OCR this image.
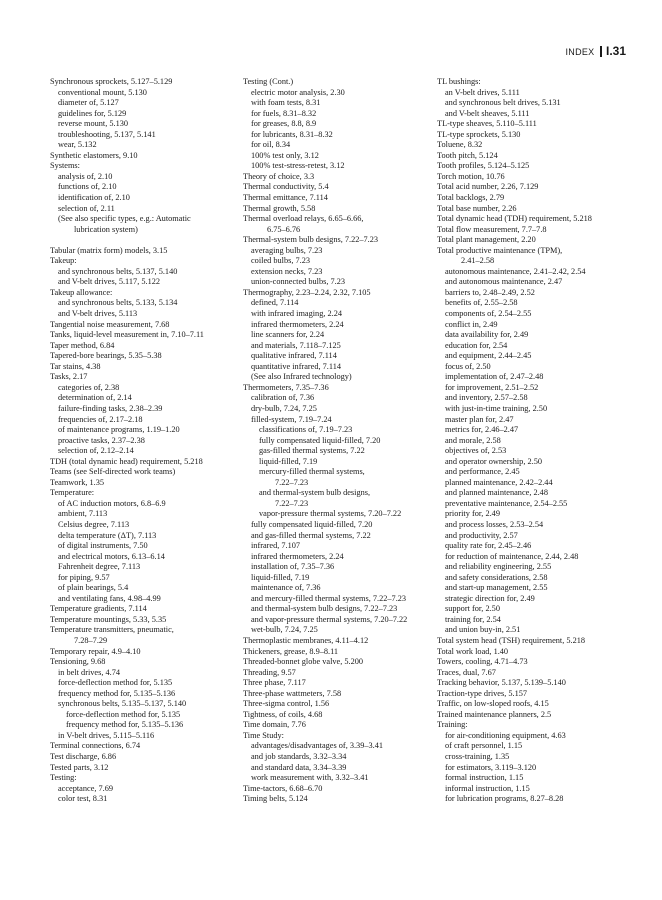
INDEX I.31
Synchronous sprockets, 5.127–5.129
conventional mount, 5.130
diameter of, 5.127
guidelines for, 5.129
reverse mount, 5.130
troubleshooting, 5.137, 5.141
wear, 5.132
Synthetic elastomers, 9.10
Systems:
analysis of, 2.10
functions of, 2.10
identification of, 2.10
selection of, 2.11
(See also specific types, e.g.: Automatic
lubrication system)
Tabular (matrix form) models, 3.15
Takeup:
and synchronous belts, 5.137, 5.140
and V-belt drives, 5.117, 5.122
Takeup allowance:
and synchronous belts, 5.133, 5.134
and V-belt drives, 5.113
Tangential noise measurement, 7.68
Tanks, liquid-level measurement in, 7.10–7.11
Taper method, 6.84
Tapered-bore bearings, 5.35–5.38
Tar stains, 4.38
Tasks, 2.17
categories of, 2.38
determination of, 2.14
failure-finding tasks, 2.38–2.39
frequencies of, 2.17–2.18
of maintenance programs, 1.19–1.20
proactive tasks, 2.37–2.38
selection of, 2.12–2.14
TDH (total dynamic head) requirement, 5.218
Teams (see Self-directed work teams)
Teamwork, 1.35
Temperature:
of AC induction motors, 6.8–6.9
ambient, 7.113
Celsius degree, 7.113
delta temperature (ΔT), 7.113
of digital instruments, 7.50
and electrical motors, 6.13–6.14
Fahrenheit degree, 7.113
for piping, 9.57
of plain bearings, 5.4
and ventilating fans, 4.98–4.99
Temperature gradients, 7.114
Temperature mountings, 5.33, 5.35
Temperature transmitters, pneumatic,
7.28–7.29
Temporary repair, 4.9–4.10
Tensioning, 9.68
in belt drives, 4.74
force-deflection method for, 5.135
frequency method for, 5.135–5.136
synchronous belts, 5.135–5.137, 5.140
force-deflection method for, 5.135
frequency method for, 5.135–5.136
in V-belt drives, 5.115–5.116
Terminal connections, 6.74
Test discharge, 6.86
Tested parts, 3.12
Testing:
acceptance, 7.69
color test, 8.31
Testing (Cont.)
electric motor analysis, 2.30
with foam tests, 8.31
for fuels, 8.31–8.32
for greases, 8.8, 8.9
for lubricants, 8.31–8.32
for oil, 8.34
100% test only, 3.12
100% test-stress-retest, 3.12
Theory of choice, 3.3
Thermal conductivity, 5.4
Thermal emittance, 7.114
Thermal growth, 5.58
Thermal overload relays, 6.65–6.66,
6.75–6.76
Thermal-system bulb designs, 7.22–7.23
averaging bulbs, 7.23
coiled bulbs, 7.23
extension necks, 7.23
union-connected bulbs, 7.23
Thermography, 2.23–2.24, 2.32, 7.105
defined, 7.114
with infrared imaging, 2.24
infrared thermometers, 2.24
line scanners for, 2.24
and materials, 7.118–7.125
qualitative infrared, 7.114
quantitative infrared, 7.114
(See also Infrared technology)
Thermometers, 7.35–7.36
calibration of, 7.36
dry-bulb, 7.24, 7.25
filled-system, 7.19–7.24
classifications of, 7.19–7.23
fully compensated liquid-filled, 7.20
gas-filled thermal systems, 7.22
liquid-filled, 7.19
mercury-filled thermal systems,
7.22–7.23
and thermal-system bulb designs,
7.22–7.23
vapor-pressure thermal systems, 7.20–7.22
fully compensated liquid-filled, 7.20
and gas-filled thermal systems, 7.22
infrared, 7.107
infrared thermometers, 2.24
installation of, 7.35–7.36
liquid-filled, 7.19
maintenance of, 7.36
and mercury-filled thermal systems, 7.22–7.23
and thermal-system bulb designs, 7.22–7.23
and vapor-pressure thermal systems, 7.20–7.22
wet-bulb, 7.24, 7.25
Thermoplastic membranes, 4.11–4.12
Thickeners, grease, 8.9–8.11
Threaded-bonnet globe valve, 5.200
Threading, 9.57
Three phase, 7.117
Three-phase wattmeters, 7.58
Three-sigma control, 1.56
Tightness, of coils, 4.68
Time domain, 7.76
Time Study:
advantages/disadvantages of, 3.39–3.41
and job standards, 3.32–3.34
and standard data, 3.34–3.39
work measurement with, 3.32–3.41
Time-tactors, 6.68–6.70
Timing belts, 5.124
TL bushings:
an V-belt drives, 5.111
and synchronous belt drives, 5.131
and V-belt sheaves, 5.111
TL-type sheaves, 5.110–5.111
TL-type sprockets, 5.130
Toluene, 8.32
Tooth pitch, 5.124
Tooth profiles, 5.124–5.125
Torch motion, 10.76
Total acid number, 2.26, 7.129
Total backlogs, 2.79
Total base number, 2.26
Total dynamic head (TDH) requirement, 5.218
Total flow measurement, 7.7–7.8
Total plant management, 2.20
Total productive maintenance (TPM),
2.41–2.58
autonomous maintenance, 2.41–2.42, 2.54
and autonomous maintenance, 2.47
barriers to, 2.48–2.49, 2.52
benefits of, 2.55–2.58
components of, 2.54–2.55
conflict in, 2.49
data availability for, 2.49
education for, 2.54
and equipment, 2.44–2.45
focus of, 2.50
implementation of, 2.47–2.48
for improvement, 2.51–2.52
and inventory, 2.57–2.58
with just-in-time training, 2.50
master plan for, 2.47
metrics for, 2.46–2.47
and morale, 2.58
objectives of, 2.53
and operator ownership, 2.50
and performance, 2.45
planned maintenance, 2.42–2.44
and planned maintenance, 2.48
preventative maintenance, 2.54–2.55
priority for, 2.49
and process losses, 2.53–2.54
and productivity, 2.57
quality rate for, 2.45–2.46
for reduction of maintenance, 2.44, 2.48
and reliability engineering, 2.55
and safety considerations, 2.58
and start-up management, 2.55
strategic direction for, 2.49
support for, 2.50
training for, 2.54
and union buy-in, 2.51
Total system head (TSH) requirement, 5.218
Total work load, 1.40
Towers, cooling, 4.71–4.73
Traces, dual, 7.67
Tracking behavior, 5.137, 5.139–5.140
Traction-type drives, 5.157
Traffic, on low-sloped roofs, 4.15
Trained maintenance planners, 2.5
Training:
for air-conditioning equipment, 4.63
of craft personnel, 1.15
cross-training, 1.35
for estimators, 3.119–3.120
formal instruction, 1.15
informal instruction, 1.15
for lubrication programs, 8.27–8.28
